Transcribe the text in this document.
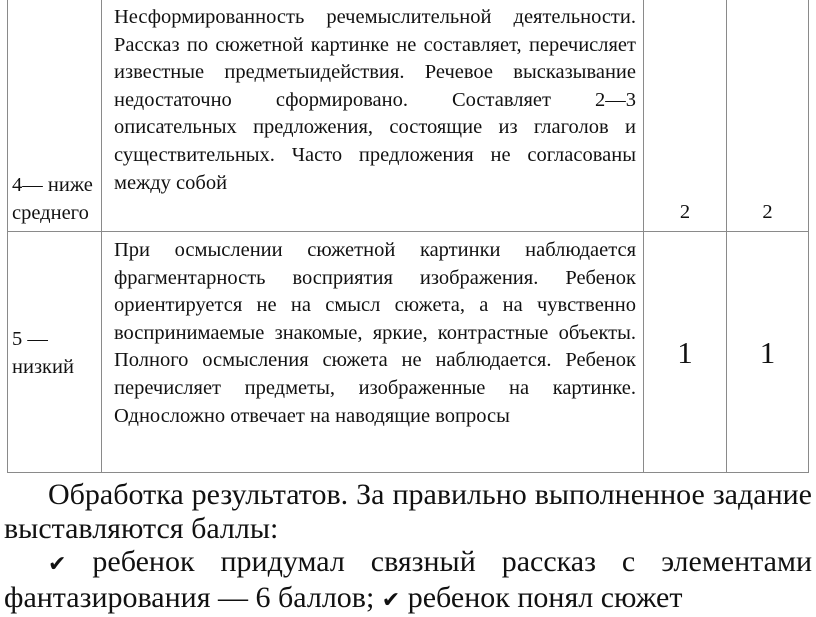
4— ниже среднего
Несформированность речемыслительной деятельности. Рассказ по сюжетной картинке не составляет, перечисляет известные предметыидействия. Речевое высказывание недостаточно сформировано. Составляет 2—3 описательных предложения, состоящие из глаголов и существительных. Часто предложения не согласованы между собой
2	2
5 — низкий
При осмыслении сюжетной картинки наблюдается фрагментарность восприятия изображения. Ребенок ориентируется не на смысл сюжета, а на чувственно воспринимаемые знакомые, яркие, контрастные объекты. Полного осмысления сюжета не наблюдается. Ребенок перечисляет предметы, изображенные на картинке. Односложно отвечает на наводящие вопросы
1	1
Обработка результатов. За правильно выполненное задание выставляются баллы:
✔ ребенок придумал связный рассказ с элементами фантазирования — 6 баллов; ✔ ребенок понял сюжет
